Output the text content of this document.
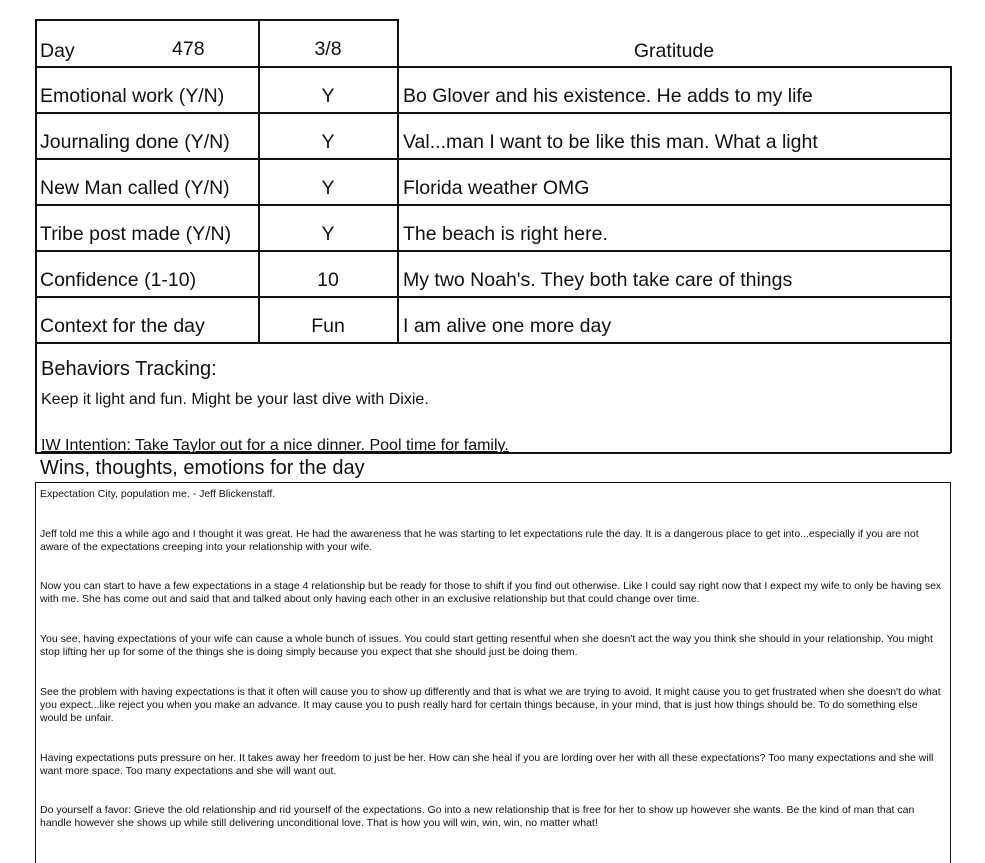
Day	478	3/8	Gratitude
Emotional work (Y/N)	Y	Bo Glover and his existence. He adds to my life
Journaling done (Y/N)	Y	Val...man I want to be like this man. What a light
New Man called (Y/N)	Y	Florida weather OMG
Tribe post made (Y/N)	Y	The beach is right here.
Confidence (1-10)	10	My two Noah's. They both take care of things
Context for the day	Fun	I am alive one more day
Behaviors Tracking:
Keep it light and fun. Might be your last dive with Dixie.
IW Intention: Take Taylor out for a nice dinner. Pool time for family.
Wins, thoughts, emotions for the day
Expectation City, population me. - Jeff Blickenstaff.
Jeff told me this a while ago and I thought it was great. He had the awareness that he was starting to let expectations rule the day. It is a dangerous place to get into...especially if you are not aware of the expectations creeping into your relationship with your wife.
Now you can start to have a few expectations in a stage 4 relationship but be ready for those to shift if you find out otherwise. Like I could say right now that I expect my wife to only be having sex with me. She has come out and said that and talked about only having each other in an exclusive relationship but that could change over time.
You see, having expectations of your wife can cause a whole bunch of issues. You could start getting resentful when she doesn't act the way you think she should in your relationship. You might stop lifting her up for some of the things she is doing simply because you expect that she should just be doing them.
See the problem with having expectations is that it often will cause you to show up differently and that is what we are trying to avoid. It might cause you to get frustrated when she doesn't do what you expect...like reject you when you make an advance. It may cause you to push really hard for certain things because, in your mind, that is just how things should be. To do something else would be unfair.
Having expectations puts pressure on her. It takes away her freedom to just be her. How can she heal if you are lording over her with all these expectations? Too many expectations and she will want more space. Too many expectations and she will want out.
Do yourself a favor: Grieve the old relationship and rid yourself of the expectations. Go into a new relationship that is free for her to show up however she wants. Be the kind of man that can handle however she shows up while still delivering unconditional love. That is how you will win, win, win, no matter what!
